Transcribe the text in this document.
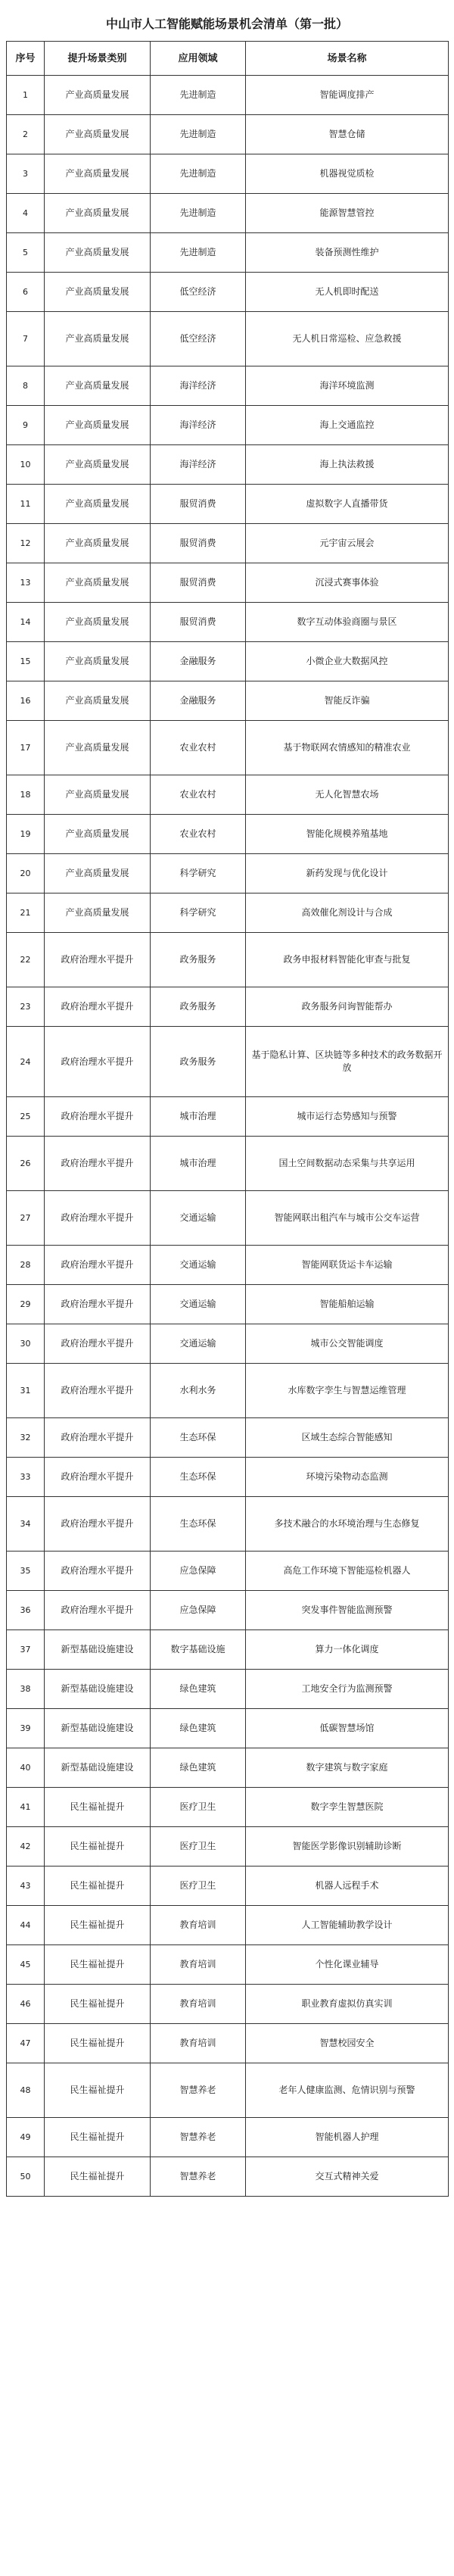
中山市人工智能赋能场景机会清单（第一批）
序号	提升场景类别	应用领域	场景名称
1	产业高质量发展	先进制造	智能调度排产
2	产业高质量发展	先进制造	智慧仓储
3	产业高质量发展	先进制造	机器视觉质检
4	产业高质量发展	先进制造	能源智慧管控
5	产业高质量发展	先进制造	装备预测性维护
6	产业高质量发展	低空经济	无人机即时配送
7	产业高质量发展	低空经济	无人机日常巡检、应急救援
8	产业高质量发展	海洋经济	海洋环境监测
9	产业高质量发展	海洋经济	海上交通监控
10	产业高质量发展	海洋经济	海上执法救援
11	产业高质量发展	服贸消费	虚拟数字人直播带货
12	产业高质量发展	服贸消费	元宇宙云展会
13	产业高质量发展	服贸消费	沉浸式赛事体验
14	产业高质量发展	服贸消费	数字互动体验商圈与景区
15	产业高质量发展	金融服务	小微企业大数据风控
16	产业高质量发展	金融服务	智能反诈骗
17	产业高质量发展	农业农村	基于物联网农情感知的精准农业
18	产业高质量发展	农业农村	无人化智慧农场
19	产业高质量发展	农业农村	智能化规模养殖基地
20	产业高质量发展	科学研究	新药发现与优化设计
21	产业高质量发展	科学研究	高效催化剂设计与合成
22	政府治理水平提升	政务服务	政务申报材料智能化审查与批复
23	政府治理水平提升	政务服务	政务服务问询智能帮办
24	政府治理水平提升	政务服务	基于隐私计算、区块链等多种技术的政务数据开放
25	政府治理水平提升	城市治理	城市运行态势感知与预警
26	政府治理水平提升	城市治理	国土空间数据动态采集与共享运用
27	政府治理水平提升	交通运输	智能网联出租汽车与城市公交车运营
28	政府治理水平提升	交通运输	智能网联货运卡车运输
29	政府治理水平提升	交通运输	智能船舶运输
30	政府治理水平提升	交通运输	城市公交智能调度
31	政府治理水平提升	水利水务	水库数字孪生与智慧运维管理
32	政府治理水平提升	生态环保	区域生态综合智能感知
33	政府治理水平提升	生态环保	环境污染物动态监测
34	政府治理水平提升	生态环保	多技术融合的水环境治理与生态修复
35	政府治理水平提升	应急保障	高危工作环境下智能巡检机器人
36	政府治理水平提升	应急保障	突发事件智能监测预警
37	新型基础设施建设	数字基础设施	算力一体化调度
38	新型基础设施建设	绿色建筑	工地安全行为监测预警
39	新型基础设施建设	绿色建筑	低碳智慧场馆
40	新型基础设施建设	绿色建筑	数字建筑与数字家庭
41	民生福祉提升	医疗卫生	数字孪生智慧医院
42	民生福祉提升	医疗卫生	智能医学影像识别辅助诊断
43	民生福祉提升	医疗卫生	机器人远程手术
44	民生福祉提升	教育培训	人工智能辅助教学设计
45	民生福祉提升	教育培训	个性化课业辅导
46	民生福祉提升	教育培训	职业教育虚拟仿真实训
47	民生福祉提升	教育培训	智慧校园安全
48	民生福祉提升	智慧养老	老年人健康监测、危情识别与预警
49	民生福祉提升	智慧养老	智能机器人护理
50	民生福祉提升	智慧养老	交互式精神关爱
